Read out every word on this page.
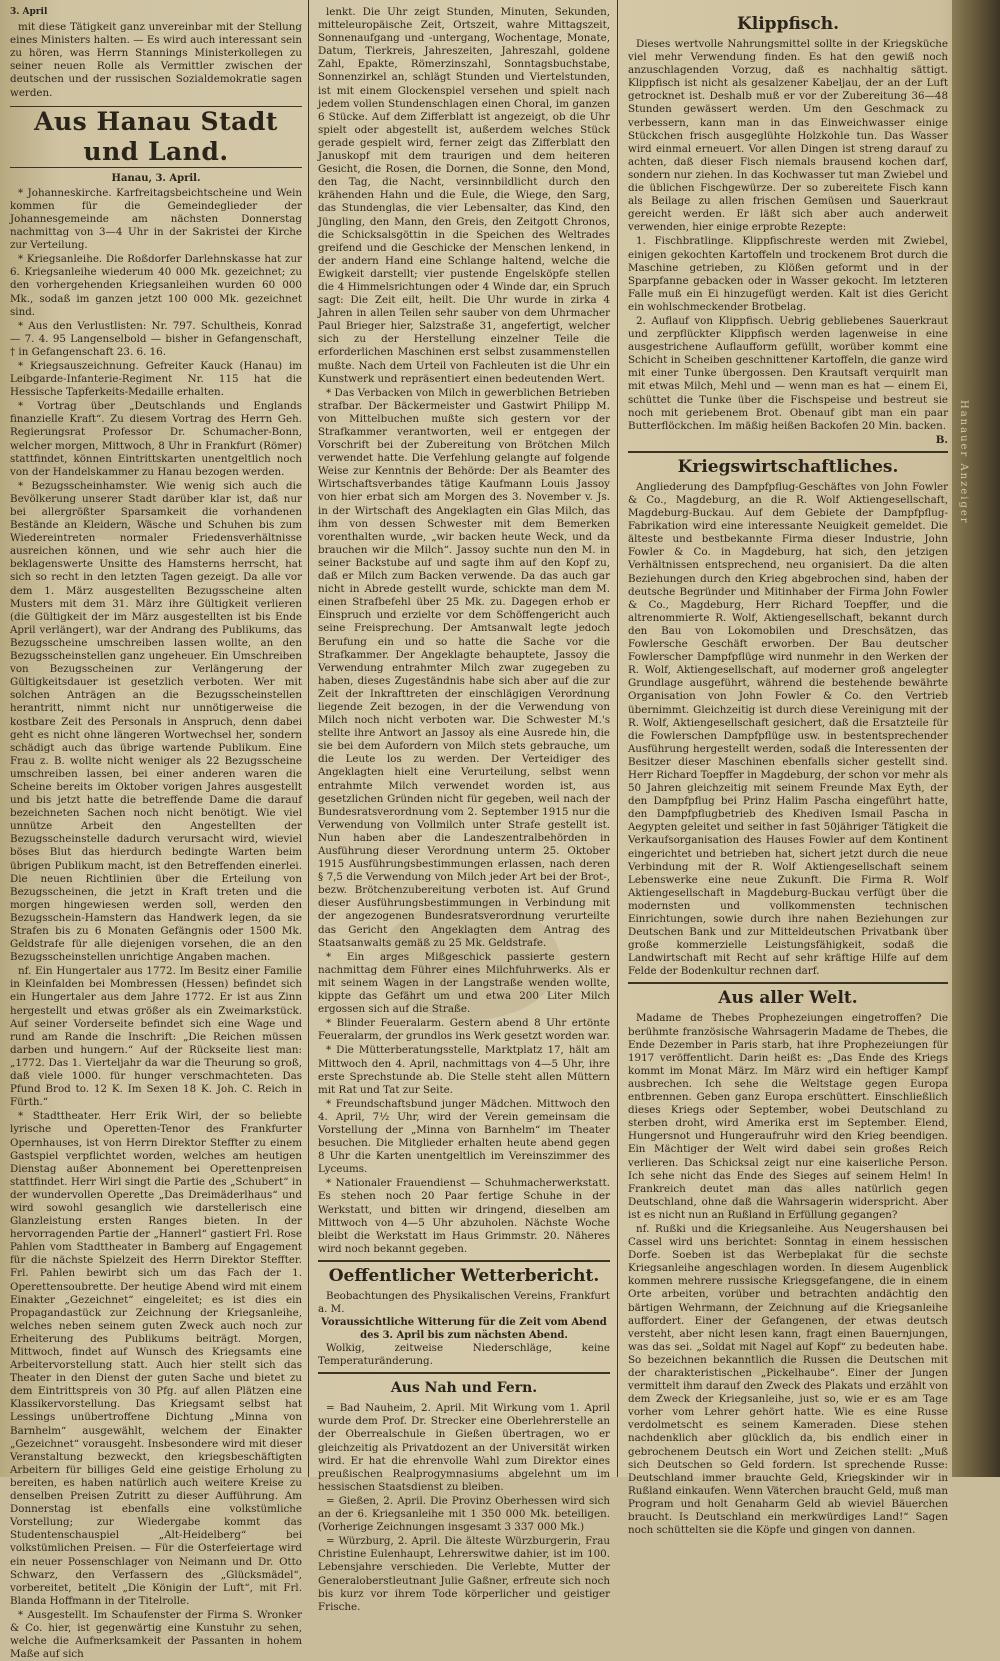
3. April

mit diese Tätigkeit ganz unvereinbar mit der Stellung eines Ministers halten. — Es wird auch interessant sein zu hören, was Herrn Stannings Ministerkollegen zu seiner neuen Rolle als Vermittler zwischen der deutschen und der russischen Sozialdemokratie sagen werden.

Aus Hanau Stadt und Land.
Hanau, 3. April.

* Johanneskirche. Karfreitagsbeichtscheine und Wein kommen für die Gemeindeglieder der Johannesgemeinde am nächsten Donnerstag nachmittag von 3—4 Uhr in der Sakristei der Kirche zur Verteilung.

* Kriegsanleihe. Die Roßdorfer Darlehnskasse hat zur 6. Kriegsanleihe wiederum 40 000 Mk. gezeichnet; zu den vorhergehenden Kriegsanleihen wurden 60 000 Mk., sodaß im ganzen jetzt 100 000 Mk. gezeichnet sind.

* Aus den Verlustlisten: Nr. 797. Schultheis, Konrad — 7. 4. 95 Langenselbold — bisher in Gefangenschaft, † in Gefangenschaft 23. 6. 16.

* Kriegsauszeichnung. Gefreiter Kauck (Hanau) im Leibgarde-Infanterie-Regiment Nr. 115 hat die Hessische Tapferkeits-Medaille erhalten.

* Vortrag über „Deutschlands und Englands finanzielle Kraft“. Zu diesem Vortrag des Herrn Geh. Regierungsrat Professor Dr. Schumacher-Bonn, welcher morgen, Mittwoch, 8 Uhr in Frankfurt (Römer) stattfindet, können Eintrittskarten unentgeltlich noch von der Handelskammer zu Hanau bezogen werden.

* Bezugsscheinhamster. Wie wenig sich auch die Bevölkerung unserer Stadt darüber klar ist, daß nur bei allergrößter Sparsamkeit die vorhandenen Bestände an Kleidern, Wäsche und Schuhen bis zum Wiedereintreten normaler Friedensverhältnisse ausreichen können, und wie sehr auch hier die beklagenswerte Unsitte des Hamsterns herrscht, hat sich so recht in den letzten Tagen gezeigt. Da alle vor dem 1. März ausgestellten Bezugsscheine alten Musters mit dem 31. März ihre Gültigkeit verlieren (die Gültigkeit der im März ausgestellten ist bis Ende April verlängert), war der Andrang des Publikums, das Bezugsscheine umschreiben lassen wollte, an den Bezugsscheinstellen ganz ungeheuer. Ein Umschreiben von Bezugsscheinen zur Verlängerung der Gültigkeitsdauer ist gesetzlich verboten. Wer mit solchen Anträgen an die Bezugsscheinstellen herantritt, nimmt nicht nur unnötigerweise die kostbare Zeit des Personals in Anspruch, denn dabei geht es nicht ohne längeren Wortwechsel her, sondern schädigt auch das übrige wartende Publikum. Eine Frau z. B. wollte nicht weniger als 22 Bezugsscheine umschreiben lassen, bei einer anderen waren die Scheine bereits im Oktober vorigen Jahres ausgestellt und bis jetzt hatte die betreffende Dame die darauf bezeichneten Sachen noch nicht benötigt. Wie viel unnütze Arbeit den Angestellten der Bezugsscheinstelle dadurch verursacht wird, wieviel böses Blut das hierdurch bedingte Warten beim übrigen Publikum macht, ist den Betreffenden einerlei. Die neuen Richtlinien über die Erteilung von Bezugsscheinen, die jetzt in Kraft treten und die morgen hingewiesen werden soll, werden den Bezugsschein-Hamstern das Handwerk legen, da sie Strafen bis zu 6 Monaten Gefängnis oder 1500 Mk. Geldstrafe für alle diejenigen vorsehen, die an den Bezugsscheinstellen unrichtige Angaben machen.

nf. Ein Hungertaler aus 1772. Im Besitz einer Familie in Kleinfalden bei Mombressen (Hessen) befindet sich ein Hungertaler aus dem Jahre 1772. Er ist aus Zinn hergestellt und etwas größer als ein Zweimarkstück. Auf seiner Vorderseite befindet sich eine Wage und rund am Rande die Inschrift: „Die Reichen müssen darben und hungern.“ Auf der Rückseite liest man: „1772. Das 1. Vierteljahr da war die Theurung so groß, daß viele 1000. für hunger verschmachteten. Das Pfund Brod to. 12 K. Im Sexen 18 K. Joh. C. Reich in Fürth.“

* Stadttheater. Herr Erik Wirl, der so beliebte lyrische und Operetten-Tenor des Frankfurter Opernhauses, ist von Herrn Direktor Steffter zu einem Gastspiel verpflichtet worden, welches am heutigen Dienstag außer Abonnement bei Operettenpreisen stattfindet. Herr Wirl singt die Partie des „Schubert“ in der wundervollen Operette „Das Dreimäderlhaus“ und wird sowohl gesanglich wie darstellerisch eine Glanzleistung ersten Ranges bieten. In der hervorragenden Partie der „Hannerl“ gastiert Frl. Rose Pahlen vom Stadttheater in Bamberg auf Engagement für die nächste Spielzeit des Herrn Direktor Steffter. Frl. Pahlen bewirbt sich um das Fach der 1. Operettensoubrette. Der heutige Abend wird mit einem Einakter „Gezeichnet“ eingeleitet; es ist dies ein Propagandastück zur Zeichnung der Kriegsanleihe, welches neben seinem guten Zweck auch noch zur Erheiterung des Publikums beiträgt. Morgen, Mittwoch, findet auf Wunsch des Kriegsamts eine Arbeitervorstellung statt. Auch hier stellt sich das Theater in den Dienst der guten Sache und bietet zu dem Eintrittspreis von 30 Pfg. auf allen Plätzen eine Klassikervorstellung. Das Kriegsamt selbst hat Lessings unübertroffene Dichtung „Minna von Barnhelm“ ausgewählt, welchem der Einakter „Gezeichnet“ vorausgeht. Insbesondere wird mit dieser Veranstaltung bezweckt, den kriegsbeschäftigten Arbeitern für billiges Geld eine geistige Erholung zu bereiten, es haben natürlich auch weitere Kreise zu denselben Preisen Zutritt zu dieser Aufführung. Am Donnerstag ist ebenfalls eine volkstümliche Vorstellung; zur Wiedergabe kommt das Studentenschauspiel „Alt-Heidelberg“ bei volkstümlichen Preisen. — Für die Osterfeiertage wird ein neuer Possenschlager von Neimann und Dr. Otto Schwarz, den Verfassern des „Glücksmädel“, vorbereitet, betitelt „Die Königin der Luft“, mit Frl. Blanda Hoffmann in der Titelrolle.

* Ausgestellt. Im Schaufenster der Firma S. Wronker & Co. hier, ist gegenwärtig eine Kunstuhr zu sehen, welche die Aufmerksamkeit der Passanten in hohem Maße auf sich

lenkt. Die Uhr zeigt Stunden, Minuten, Sekunden, mitteleuropäische Zeit, Ortszeit, wahre Mittagszeit, Sonnenaufgang und -untergang, Wochentage, Monate, Datum, Tierkreis, Jahreszeiten, Jahreszahl, goldene Zahl, Epakte, Römerzinszahl, Sonntagsbuchstabe, Sonnenzirkel an, schlägt Stunden und Viertelstunden, ist mit einem Glockenspiel versehen und spielt nach jedem vollen Stundenschlagen einen Choral, im ganzen 6 Stücke. Auf dem Zifferblatt ist angezeigt, ob die Uhr spielt oder abgestellt ist, außerdem welches Stück gerade gespielt wird, ferner zeigt das Zifferblatt den Januskopf mit dem traurigen und dem heiteren Gesicht, die Rosen, die Dornen, die Sonne, den Mond, den Tag, die Nacht, versinnbildlicht durch den krähenden Hahn und die Eule, die Wiege, den Sarg, das Stundenglas, die vier Lebensalter, das Kind, den Jüngling, den Mann, den Greis, den Zeitgott Chronos, die Schicksalsgöttin in die Speichen des Weltrades greifend und die Geschicke der Menschen lenkend, in der andern Hand eine Schlange haltend, welche die Ewigkeit darstellt; vier pustende Engelsköpfe stellen die 4 Himmelsrichtungen oder 4 Winde dar, ein Spruch sagt: Die Zeit eilt, heilt. Die Uhr wurde in zirka 4 Jahren in allen Teilen sehr sauber von dem Uhrmacher Paul Brieger hier, Salzstraße 31, angefertigt, welcher sich zu der Herstellung einzelner Teile die erforderlichen Maschinen erst selbst zusammenstellen mußte. Nach dem Urteil von Fachleuten ist die Uhr ein Kunstwerk und repräsentiert einen bedeutenden Wert.

* Das Verbacken von Milch in gewerblichen Betrieben strafbar. Der Bäckermeister und Gastwirt Philipp M. von Mittelbuchen mußte sich gestern vor der Strafkammer verantworten, weil er entgegen der Vorschrift bei der Zubereitung von Brötchen Milch verwendet hatte. Die Verfehlung gelangte auf folgende Weise zur Kenntnis der Behörde: Der als Beamter des Wirtschaftsverbandes tätige Kaufmann Louis Jassoy von hier erbat sich am Morgen des 3. November v. Js. in der Wirtschaft des Angeklagten ein Glas Milch, das ihm von dessen Schwester mit dem Bemerken vorenthalten wurde, „wir backen heute Weck, und da brauchen wir die Milch“. Jassoy suchte nun den M. in seiner Backstube auf und sagte ihm auf den Kopf zu, daß er Milch zum Backen verwende. Da das auch gar nicht in Abrede gestellt wurde, schickte man dem M. einen Strafbefehl über 25 Mk. zu. Dagegen erhob er Einspruch und erzielte vor dem Schöffengericht auch seine Freisprechung. Der Amtsanwalt legte jedoch Berufung ein und so hatte die Sache vor die Strafkammer. Der Angeklagte behauptete, Jassoy die Verwendung entrahmter Milch zwar zugegeben zu haben, dieses Zugeständnis habe sich aber auf die zur Zeit der Inkrafttreten der einschlägigen Verordnung liegende Zeit bezogen, in der die Verwendung von Milch noch nicht verboten war. Die Schwester M.'s stellte ihre Antwort an Jassoy als eine Ausrede hin, die sie bei dem Aufordern von Milch stets gebrauche, um die Leute los zu werden. Der Verteidiger des Angeklagten hielt eine Verurteilung, selbst wenn entrahmte Milch verwendet worden ist, aus gesetzlichen Gründen nicht für gegeben, weil nach der Bundesratsverordnung vom 2. September 1915 nur die Verwendung von Vollmilch unter Strafe gestellt ist. Nun haben aber die Landeszentralbehörden in Ausführung dieser Verordnung unterm 25. Oktober 1915 Ausführungsbestimmungen erlassen, nach deren § 7,5 die Verwendung von Milch jeder Art bei der Brot-, bezw. Brötchenzubereitung verboten ist. Auf Grund dieser Ausführungsbestimmungen in Verbindung mit der angezogenen Bundesratsverordnung verurteilte das Gericht den Angeklagten dem Antrag des Staatsanwalts gemäß zu 25 Mk. Geldstrafe.

* Ein arges Mißgeschick passierte gestern nachmittag dem Führer eines Milchfuhrwerks. Als er mit seinem Wagen in der Langstraße wenden wollte, kippte das Gefährt um und etwa 200 Liter Milch ergossen sich auf die Straße.

* Blinder Feueralarm. Gestern abend 8 Uhr ertönte Feueralarm, der grundlos ins Werk gesetzt worden war.

* Die Mütterberatungsstelle, Marktplatz 17, hält am Mittwoch den 4. April, nachmittags von 4—5 Uhr, ihre erste Sprechstunde ab. Die Stelle steht allen Müttern mit Rat und Tat zur Seite.

* Freundschaftsbund junger Mädchen. Mittwoch den 4. April, 7½ Uhr, wird der Verein gemeinsam die Vorstellung der „Minna von Barnhelm“ im Theater besuchen. Die Mitglieder erhalten heute abend gegen 8 Uhr die Karten unentgeltlich im Vereinszimmer des Lyceums.

* Nationaler Frauendienst — Schuhmacherwerkstatt. Es stehen noch 20 Paar fertige Schuhe in der Werkstatt, und bitten wir dringend, dieselben am Mittwoch von 4—5 Uhr abzuholen. Nächste Woche bleibt die Werkstatt im Haus Grimmstr. 20. Näheres wird noch bekannt gegeben.

Oeffentlicher Wetterbericht.

Beobachtungen des Physikalischen Vereins, Frankfurt a. M.

Voraussichtliche Witterung für die Zeit vom Abend des 3. April bis zum nächsten Abend.

Wolkig, zeitweise Niederschläge, keine Temperaturänderung.

Aus Nah und Fern.

= Bad Nauheim, 2. April. Mit Wirkung vom 1. April wurde dem Prof. Dr. Strecker eine Oberlehrerstelle an der Oberrealschule in Gießen übertragen, wo er gleichzeitig als Privatdozent an der Universität wirken wird. Er hat die ehrenvolle Wahl zum Direktor eines preußischen Realprogymnasiums abgelehnt um im hessischen Staatsdienst zu bleiben.

= Gießen, 2. April. Die Provinz Oberhessen wird sich an der 6. Kriegsanleihe mit 1 350 000 Mk. beteiligen. (Vorherige Zeichnungen insgesamt 3 337 000 Mk.)

= Würzburg, 2. April. Die älteste Würzburgerin, Frau Christine Eulenhaupt, Lehrerswitwe dahier, ist im 100. Lebensjahre verschieden. Die Verlebte, Mutter der Generaloberstleutnant Julie Gaßner, erfreute sich noch bis kurz vor ihrem Tode körperlicher und geistiger Frische.

Klippfisch.

Dieses wertvolle Nahrungsmittel sollte in der Kriegsküche viel mehr Verwendung finden. Es hat den gewiß noch anzuschlagenden Vorzug, daß es nachhaltig sättigt. Klippfisch ist nicht als gesalzener Kabeljau, der an der Luft getrocknet ist. Deshalb muß er vor der Zubereitung 36—48 Stunden gewässert werden. Um den Geschmack zu verbessern, kann man in das Einweichwasser einige Stückchen frisch ausgeglühte Holzkohle tun. Das Wasser wird einmal erneuert. Vor allen Dingen ist streng darauf zu achten, daß dieser Fisch niemals brausend kochen darf, sondern nur ziehen. In das Kochwasser tut man Zwiebel und die üblichen Fischgewürze. Der so zubereitete Fisch kann als Beilage zu allen frischen Gemüsen und Sauerkraut gereicht werden. Er läßt sich aber auch anderweit verwenden, hier einige erprobte Rezepte:

1. Fischbratlinge. Klippfischreste werden mit Zwiebel, einigen gekochten Kartoffeln und trockenem Brot durch die Maschine getrieben, zu Klößen geformt und in der Sparpfanne gebacken oder in Wasser gekocht. Im letzteren Falle muß ein Ei hinzugefügt werden. Kalt ist dies Gericht ein wohlschmeckender Brotbelag.

2. Auflauf von Klippfisch. Uebrig gebliebenes Sauerkraut und zerpflückter Klippfisch werden lagenweise in eine ausgestrichene Auflaufform gefüllt, worüber kommt eine Schicht in Scheiben geschnittener Kartoffeln, die ganze wird mit einer Tunke übergossen. Den Krautsaft verquirlt man mit etwas Milch, Mehl und — wenn man es hat — einem Ei, schüttet die Tunke über die Fischspeise und bestreut sie noch mit geriebenem Brot. Obenauf gibt man ein paar Butterflöckchen. Im mäßig heißen Backofen 20 Min. backen.

B.
Kriegswirtschaftliches.

Angliederung des Dampfpflug-Geschäftes von John Fowler & Co., Magdeburg, an die R. Wolf Aktiengesellschaft, Magdeburg-Buckau. Auf dem Gebiete der Dampfpflug-Fabrikation wird eine interessante Neuigkeit gemeldet. Die älteste und bestbekannte Firma dieser Industrie, John Fowler & Co. in Magdeburg, hat sich, den jetzigen Verhältnissen entsprechend, neu organisiert. Da die alten Beziehungen durch den Krieg abgebrochen sind, haben der deutsche Begründer und Mitinhaber der Firma John Fowler & Co., Magdeburg, Herr Richard Toepffer, und die altrenommierte R. Wolf, Aktiengesellschaft, bekannt durch den Bau von Lokomobilen und Dreschsätzen, das Fowlersche Geschäft erworben. Der Bau deutscher Fowlerscher Dampfpflüge wird nunmehr in den Werken der R. Wolf, Aktiengesellschaft, auf moderner groß angelegter Grundlage ausgeführt, während die bestehende bewährte Organisation von John Fowler & Co. den Vertrieb übernimmt. Gleichzeitig ist durch diese Vereinigung mit der R. Wolf, Aktiengesellschaft gesichert, daß die Ersatzteile für die Fowlerschen Dampfpflüge usw. in bestentsprechender Ausführung hergestellt werden, sodaß die Interessenten der Besitzer dieser Maschinen ebenfalls sicher gestellt sind. Herr Richard Toepffer in Magdeburg, der schon vor mehr als 50 Jahren gleichzeitig mit seinem Freunde Max Eyth, der den Dampfpflug bei Prinz Halim Pascha eingeführt hatte, den Dampfpflugbetrieb des Khediven Ismail Pascha in Aegypten geleitet und seither in fast 50jähriger Tätigkeit die Verkaufsorganisation des Hauses Fowler auf dem Kontinent eingerichtet und betrieben hat, sichert jetzt durch die neue Verbindung mit der R. Wolf Aktiengesellschaft seinem Lebenswerke eine neue Zukunft. Die Firma R. Wolf Aktiengesellschaft in Magdeburg-Buckau verfügt über die modernsten und vollkommensten technischen Einrichtungen, sowie durch ihre nahen Beziehungen zur Deutschen Bank und zur Mitteldeutschen Privatbank über große kommerzielle Leistungsfähigkeit, sodaß die Landwirtschaft mit Recht auf sehr kräftige Hilfe auf dem Felde der Bodenkultur rechnen darf.

Aus aller Welt.

Madame de Thebes Prophezeiungen eingetroffen? Die berühmte französische Wahrsagerin Madame de Thebes, die Ende Dezember in Paris starb, hat ihre Prophezeiungen für 1917 veröffentlicht. Darin heißt es: „Das Ende des Kriegs kommt im Monat März. Im März wird ein heftiger Kampf ausbrechen. Ich sehe die Weltstage gegen Europa entbrennen. Geben ganz Europa erschüttert. Einschließlich dieses Kriegs oder September, wobei Deutschland zu sterben droht, wird Amerika erst im September. Elend, Hungersnot und Hungeraufruhr wird den Krieg beendigen. Ein Mächtiger der Welt wird dabei sein großes Reich verlieren. Das Schicksal zeigt nur eine kaiserliche Person. Ich sehe nicht das Ende des Sieges auf seinem Helm! In Frankreich deutet man das alles natürlich gegen Deutschland, ohne daß die Wahrsagerin widerspricht. Aber ist es nicht nun an Rußland in Erfüllung gegangen?

nf. Rußki und die Kriegsanleihe. Aus Neugershausen bei Cassel wird uns berichtet: Sonntag in einem hessischen Dorfe. Soeben ist das Werbeplakat für die sechste Kriegsanleihe angeschlagen worden. In diesem Augenblick kommen mehrere russische Kriegsgefangene, die in einem Orte arbeiten, vorüber und betrachten andächtig den bärtigen Wehrmann, der Zeichnung auf die Kriegsanleihe auffordert. Einer der Gefangenen, der etwas deutsch versteht, aber nicht lesen kann, fragt einen Bauernjungen, was das sei. „Soldat mit Nagel auf Kopf“ zu bedeuten habe. So bezeichnen bekanntlich die Russen die Deutschen mit der charakteristischen „Pickelhaube“. Einer der Jungen vermittelt ihm darauf den Zweck des Plakats und erzählt von dem Zweck der Kriegsanleihe, just so, wie er es am Tage vorher vom Lehrer gehört hatte. Wie es eine Russe verdolmetscht es seinem Kameraden. Diese stehen nachdenklich aber glücklich da, bis endlich einer in gebrochenem Deutsch ein Wort und Zeichen stellt: „Muß sich Deutschen so Geld fordern. Ist sprechende Russe: Deutschland immer brauchte Geld, Kriegskinder wir in Rußland einkaufen. Wenn Väterchen braucht Geld, muß man Program und holt Genaharm Geld ab wieviel Bäuerchen braucht. Is Deutschland ein merkwürdiges Land!“ Sagen noch schüttelten sie die Köpfe und gingen von dannen.

Hanauer Anzeiger
